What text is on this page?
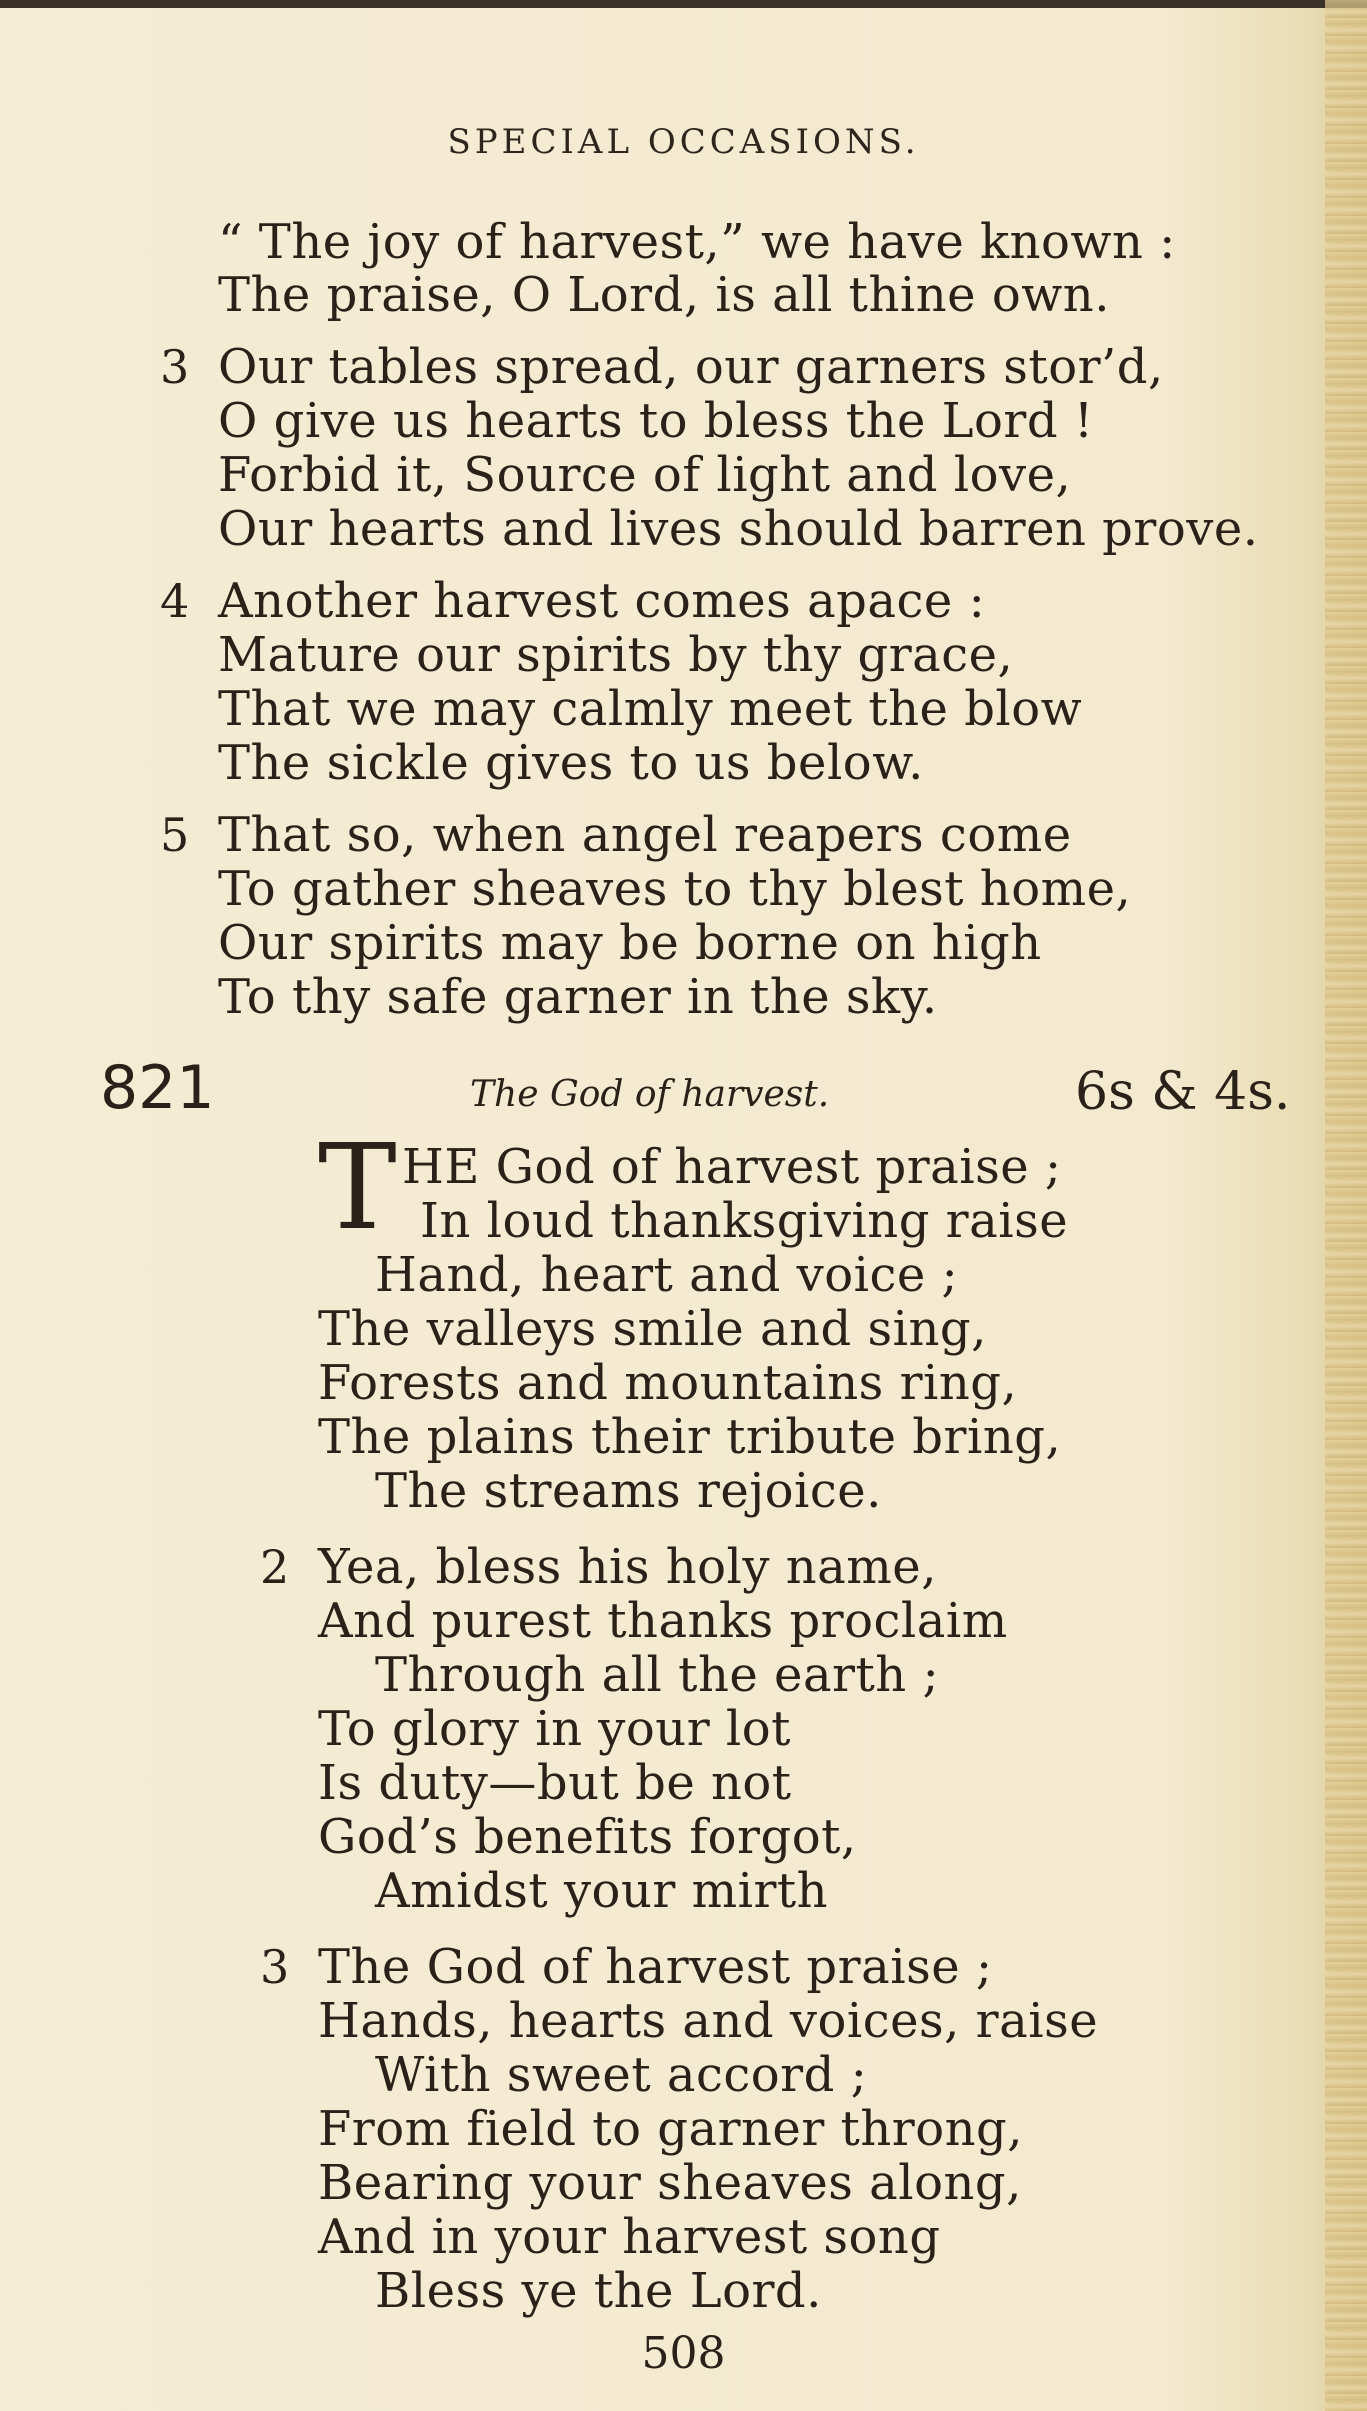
SPECIAL OCCASIONS.
“ The joy of harvest,” we have known :
The praise, O Lord, is all thine own.
3 Our tables spread, our garners stor’d,
O give us hearts to bless the Lord !
Forbid it, Source of light and love,
Our hearts and lives should barren prove.
4 Another harvest comes apace :
Mature our spirits by thy grace,
That we may calmly meet the blow
The sickle gives to us below.
5 That so, when angel reapers come
To gather sheaves to thy blest home,
Our spirits may be borne on high
To thy safe garner in the sky.
821	The God of harvest.	6s & 4s.
T HE God of harvest praise ;
In loud thanksgiving raise
Hand, heart and voice ;
The valleys smile and sing,
Forests and mountains ring,
The plains their tribute bring,
The streams rejoice.
2 Yea, bless his holy name,
And purest thanks proclaim
Through all the earth ;
To glory in your lot
Is duty—but be not
God’s benefits forgot,
Amidst your mirth
3 The God of harvest praise ;
Hands, hearts and voices, raise
With sweet accord ;
From field to garner throng,
Bearing your sheaves along,
And in your harvest song
Bless ye the Lord.
508
